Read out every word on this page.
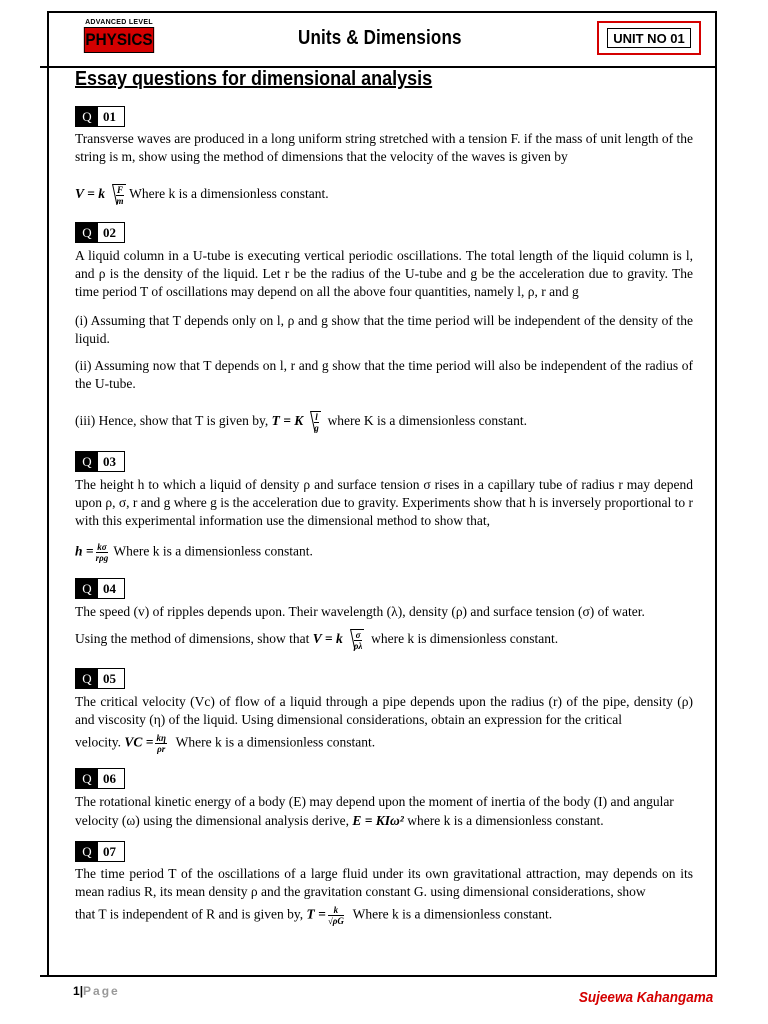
ADVANCED LEVEL
PHYSICS	Units & Dimensions	UNIT NO 01
Essay questions for dimensional analysis
Q 01
Transverse waves are produced in a long uniform string stretched with a tension F. if the mass of unit length of the string is m, show using the method of dimensions that the velocity of the waves is given by
V = k $\frac{F}{m}$ Where k is a dimensionless constant.
Q 02
A liquid column in a U-tube is executing vertical periodic oscillations. The total length of the liquid column is l, and ρ is the density of the liquid. Let r be the radius of the U-tube and g be the acceleration due to gravity. The time period T of oscillations may depend on all the above four quantities, namely l, ρ, r and g
(i) Assuming that T depends only on l, ρ and g show that the time period will be independent of the density of the liquid.
(ii) Assuming now that T depends on l, r and g show that the time period will also be independent of the radius of the U-tube.
(iii) Hence, show that T is given by, T = K $\frac{l}{g}$ where K is a dimensionless constant.
Q 03
The height h to which a liquid of density ρ and surface tension σ rises in a capillary tube of radius r may depend upon ρ, σ, r and g where g is the acceleration due to gravity. Experiments show that h is inversely proportional to r with this experimental information use the dimensional method to show that,
$h = \frac{k\sigma}{\text{rρg}}$ Where k is a dimensionless constant.
Q 04
The speed (v) of ripples depends upon. Their wavelength (λ), density (ρ) and surface tension (σ) of water.
Using the method of dimensions, show that V = k $\frac{\sigma}{\rho\lambda}$ where k is dimensionless constant.
Q 05
The critical velocity (Vc) of flow of a liquid through a pipe depends upon the radius (r) of the pipe, density (ρ) and viscosity (η) of the liquid. Using dimensional considerations, obtain an expression for the critical
velocity. VC = $\frac{k\eta}{\rho r}$ Where k is a dimensionless constant.
Q 06
The rotational kinetic energy of a body (E) may depend upon the moment of inertia of the body (I) and angular
velocity (ω) using the dimensional analysis derive, E = KIω² where k is a dimensionless constant.
Q 07
The time period T of the oscillations of a large fluid under its own gravitational attraction, may depends on its mean radius R, its mean density ρ and the gravitation constant G. using dimensional considerations, show
that T is independent of R and is given by, $T = \frac{k}{√\rho G}$ Where k is a dimensionless constant.
1|Page	Sujeewa Kahangama
